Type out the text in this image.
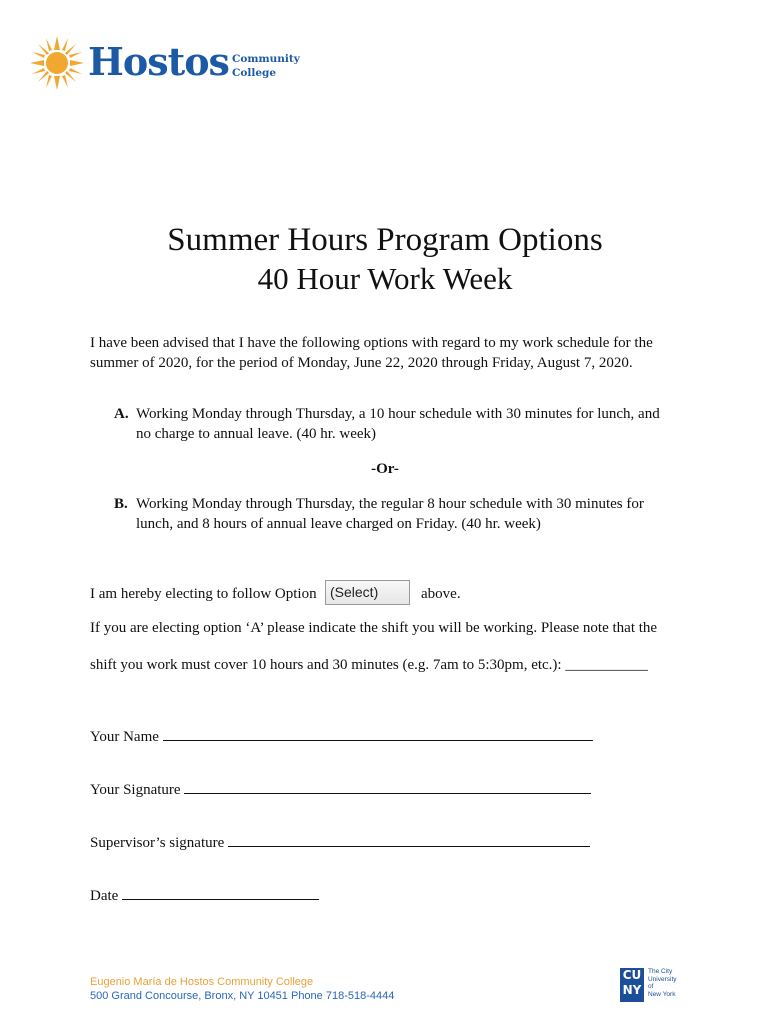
Hostos Community
College
Summer Hours Program Options
40 Hour Work Week
I have been advised that I have the following options with regard to my work schedule for the summer of 2020, for the period of Monday, June 22, 2020 through Friday, August 7, 2020.
A. Working Monday through Thursday, a 10 hour schedule with 30 minutes for lunch, and no charge to annual leave. (40 hr. week)
-Or-
B. Working Monday through Thursday, the regular 8 hour schedule with 30 minutes for lunch, and 8 hours of annual leave charged on Friday. (40 hr. week)
I am hereby electing to follow Option (Select)	above.
If you are electing option ‘A’ please indicate the shift you will be working. Please note that the
shift you work must cover 10 hours and 30 minutes (e.g. 7am to 5:30pm, etc.): ___________
Your Name
Your Signature
Supervisor’s signature
Date
Eugenio María de Hostos Community College
500 Grand Concourse, Bronx, NY 10451 Phone 718-518-4444
CU
NY
The City
University
of
New York
